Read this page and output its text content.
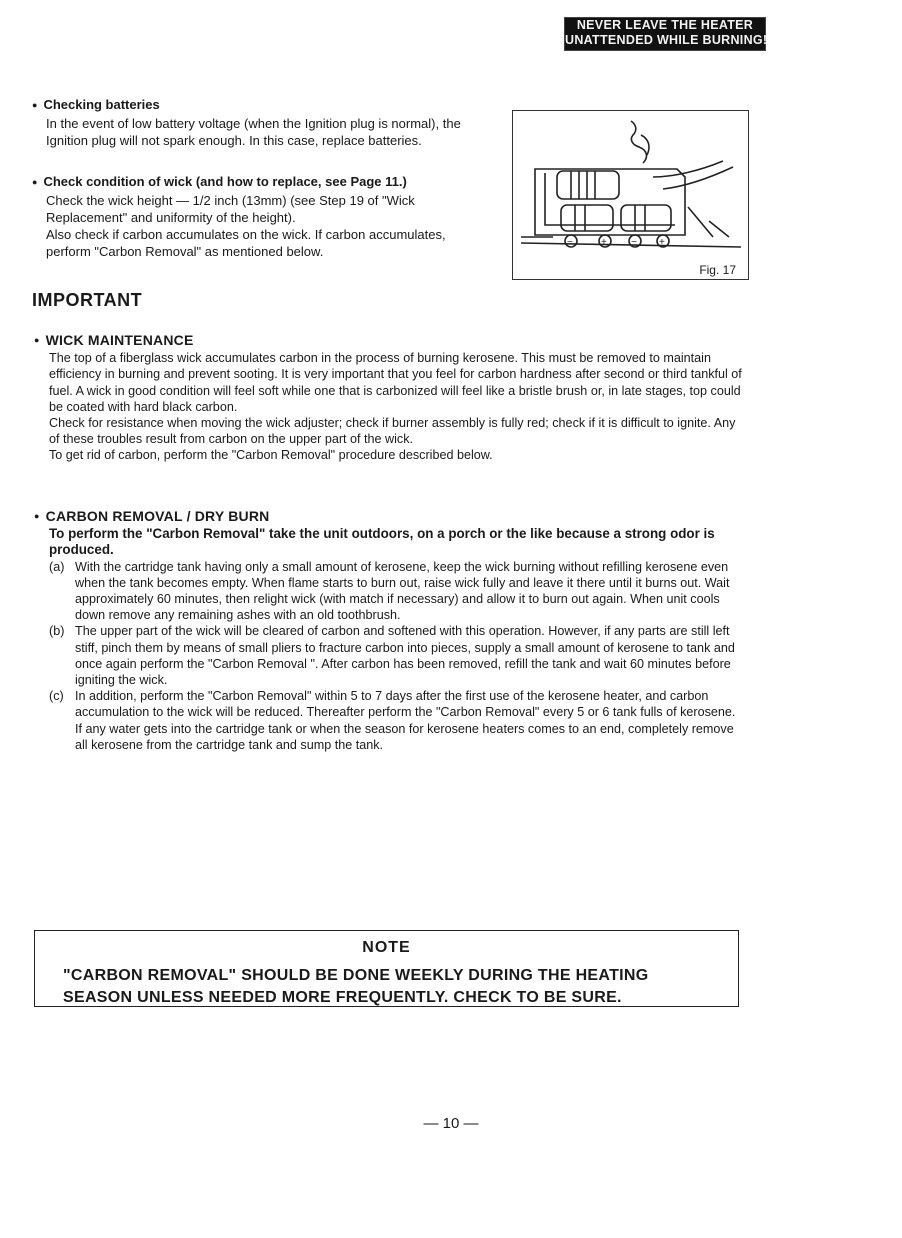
NEVER LEAVE THE HEATER
UNATTENDED WHILE BURNING!
● Checking batteries
In the event of low battery voltage (when the Ignition plug is normal), the Ignition plug will not spark enough. In this case, replace batteries.
● Check condition of wick (and how to replace, see Page 11.)
Check the wick height — 1/2 inch (13mm) (see Step 19 of "Wick Replacement" and uniformity of the height).
Also check if carbon accumulates on the wick. If carbon accumulates, perform "Carbon Removal" as mentioned below.
−	+ − +
Fig. 17
IMPORTANT
● WICK MAINTENANCE

The top of a fiberglass wick accumulates carbon in the process of burning kerosene. This must be removed to maintain efficiency in burning and prevent sooting. It is very important that you feel for carbon hardness after second or third tankful of fuel. A wick in good condition will feel soft while one that is carbonized will feel like a bristle brush or, in late stages, top could be coated with hard black carbon.

Check for resistance when moving the wick adjuster; check if burner assembly is fully red; check if it is difficult to ignite. Any of these troubles result from carbon on the upper part of the wick.

To get rid of carbon, perform the "Carbon Removal" procedure described below.

● CARBON REMOVAL / DRY BURN

To perform the "Carbon Removal" take the unit outdoors, on a porch or the like because a strong odor is produced.

(a) With the cartridge tank having only a small amount of kerosene, keep the wick burning without refilling kerosene even when the tank becomes empty. When flame starts to burn out, raise wick fully and leave it there until it burns out. Wait approximately 60 minutes, then relight wick (with match if necessary) and allow it to burn out again. When unit cools down remove any remaining ashes with an old toothbrush.
(b) The upper part of the wick will be cleared of carbon and softened with this operation. However, if any parts are still left stiff, pinch them by means of small pliers to fracture carbon into pieces, supply a small amount of kerosene to tank and once again perform the "Carbon Removal ". After carbon has been removed, refill the tank and wait 60 minutes before igniting the wick.
(c) In addition, perform the "Carbon Removal" within 5 to 7 days after the first use of the kerosene heater, and carbon accumulation to the wick will be reduced. Thereafter perform the "Carbon Removal" every 5 or 6 tank fulls of kerosene. If any water gets into the cartridge tank or when the season for kerosene heaters comes to an end, completely remove all kerosene from the cartridge tank and sump the tank.
NOTE
"CARBON REMOVAL" SHOULD BE DONE WEEKLY DURING THE HEATING
SEASON UNLESS NEEDED MORE FREQUENTLY. CHECK TO BE SURE.
— 10 —
